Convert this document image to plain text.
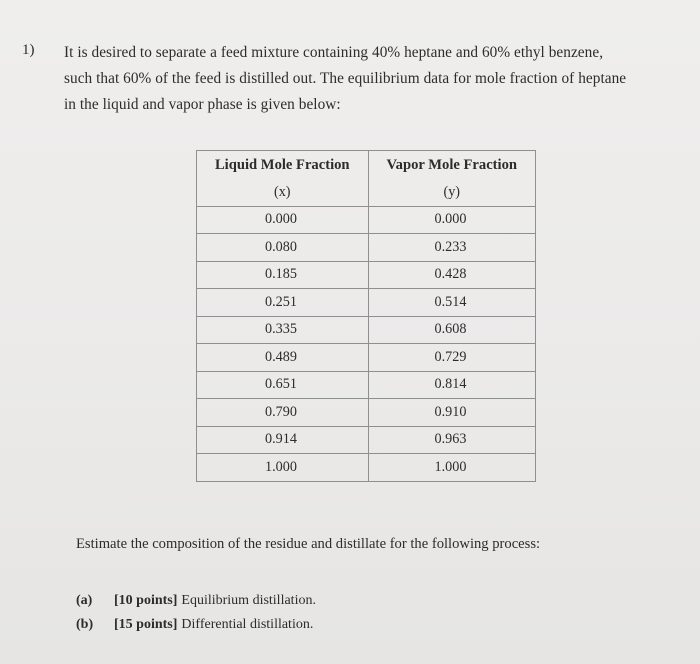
1) It is desired to separate a feed mixture containing 40% heptane and 60% ethyl benzene,
such that 60% of the feed is distilled out. The equilibrium data for mole fraction of heptane
in the liquid and vapor phase is given below:
Liquid Mole Fraction	Vapor Mole Fraction
(x)	(y)
0.000	0.000
0.080	0.233
0.185	0.428
0.251	0.514
0.335	0.608
0.489	0.729
0.651	0.814
0.790	0.910
0.914	0.963
1.000	1.000
Estimate the composition of the residue and distillate for the following process:
(a)	[10 points] Equilibrium distillation.
(b)	[15 points] Differential distillation.
